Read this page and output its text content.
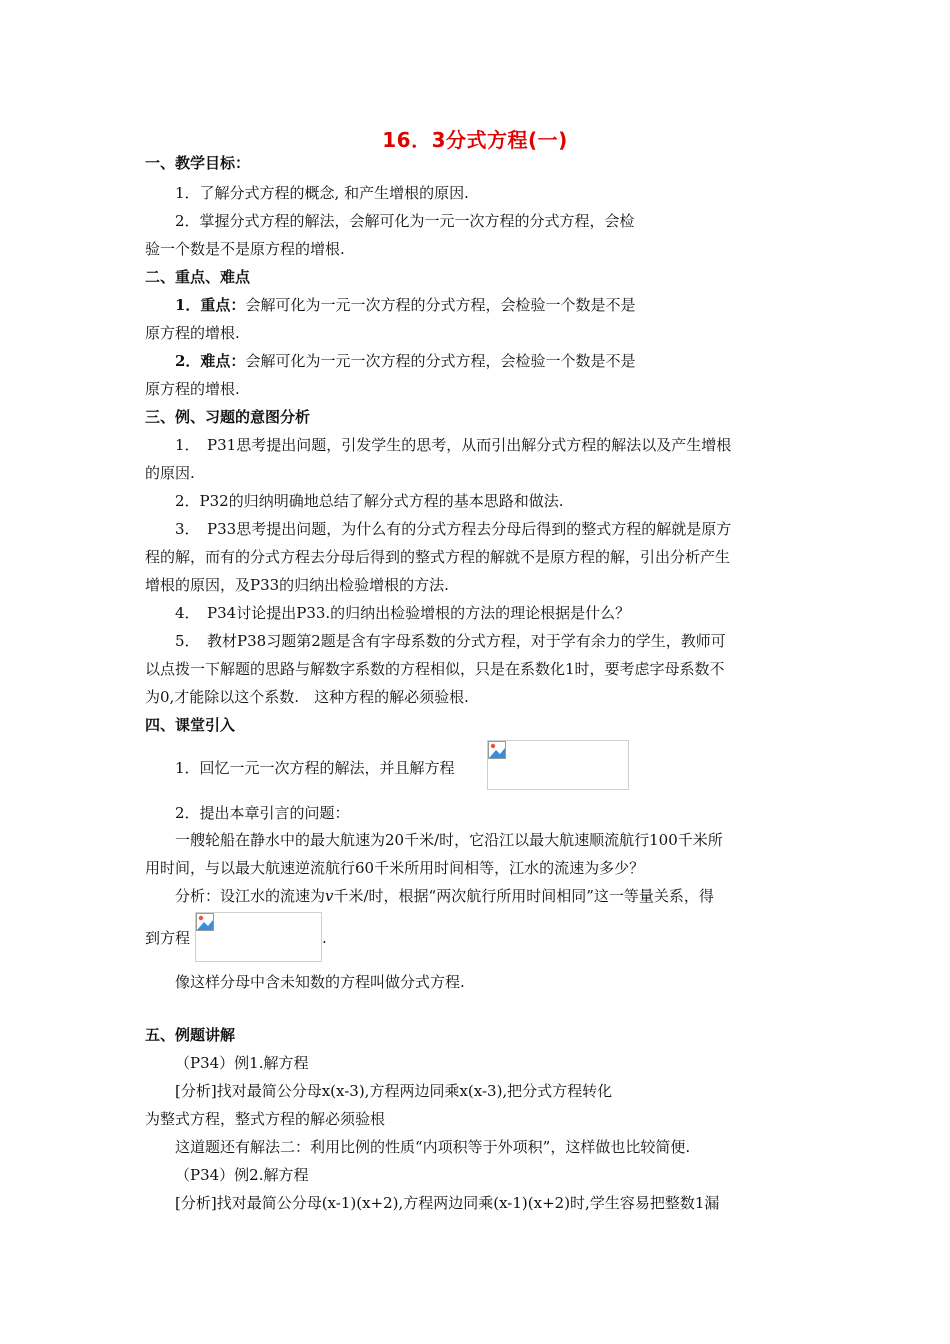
16．3分式方程(一)
一、教学目标：
1．了解分式方程的概念, 和产生增根的原因.
2．掌握分式方程的解法，会解可化为一元一次方程的分式方程，会检
验一个数是不是原方程的增根.
二、重点、难点
1．重点：会解可化为一元一次方程的分式方程，会检验一个数是不是
原方程的增根.
2．难点：会解可化为一元一次方程的分式方程，会检验一个数是不是
原方程的增根.
三、例、习题的意图分析
1．　P31思考提出问题，引发学生的思考，从而引出解分式方程的解法以及产生增根
的原因.
2．P32的归纳明确地总结了解分式方程的基本思路和做法.
3．　P33思考提出问题，为什么有的分式方程去分母后得到的整式方程的解就是原方
程的解，而有的分式方程去分母后得到的整式方程的解就不是原方程的解，引出分析产生
增根的原因，及P33的归纳出检验增根的方法.
4．　P34讨论提出P33.的归纳出检验增根的方法的理论根据是什么？
5．　教材P38习题第2题是含有字母系数的分式方程，对于学有余力的学生，教师可
以点拨一下解题的思路与解数字系数的方程相似，只是在系数化1时，要考虑字母系数不
为0,才能除以这个系数.　这种方程的解必须验根.
四、课堂引入
1．回忆一元一次方程的解法，并且解方程
2．提出本章引言的问题：
一艘轮船在静水中的最大航速为20千米/时，它沿江以最大航速顺流航行100千米所
用时间，与以最大航速逆流航行60千米所用时间相等，江水的流速为多少？
分析：设江水的流速为v千米/时，根据“两次航行所用时间相同”这一等量关系，得
到方程	.
像这样分母中含未知数的方程叫做分式方程.
五、例题讲解
（P34）例1.解方程
[分析]找对最简公分母x(x-3),方程两边同乘x(x-3),把分式方程转化
为整式方程，整式方程的解必须验根
这道题还有解法二：利用比例的性质“内项积等于外项积”，这样做也比较简便.
（P34）例2.解方程
[分析]找对最简公分母(x-1)(x+2),方程两边同乘(x-1)(x+2)时,学生容易把整数1漏
